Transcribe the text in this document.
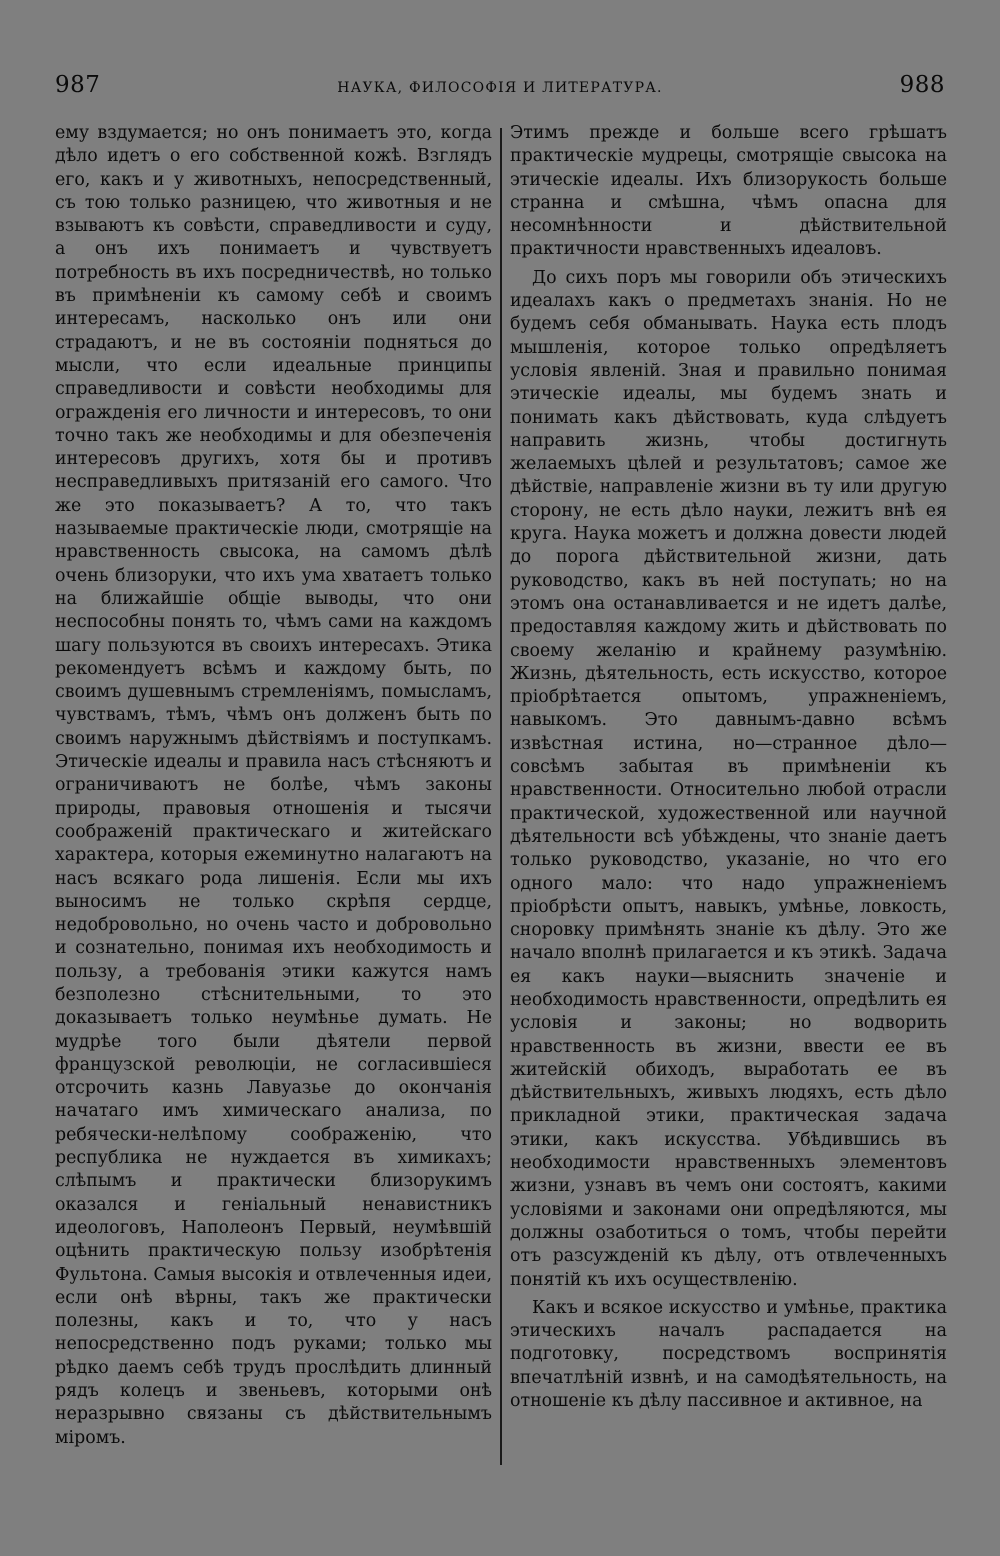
987	НАУКА, ФИЛОСОФІЯ И ЛИТЕРАТУРА.	988

ему вздумается; но онъ понимаетъ это, когда дѣло идетъ о его собственной кожѣ. Взглядъ его, какъ и у животныхъ, непосредственный, съ тою только разницею, что животныя и не взываютъ къ совѣсти, справедливости и суду, а онъ ихъ понимаетъ и чувствуетъ потребность въ ихъ посредничествѣ, но только въ примѣненіи къ самому себѣ и своимъ интересамъ, насколько онъ или они страдаютъ, и не въ состояніи подняться до мысли, что если идеальные принципы справедливости и совѣсти необходимы для огражденія его личности и интересовъ, то они точно такъ же необходимы и для обезпеченія интересовъ другихъ, хотя бы и противъ несправедливыхъ притязаній его самого. Что же это показываетъ? А то, что такъ называемые практическіе люди, смотрящіе на нравственность свысока, на самомъ дѣлѣ очень близоруки, что ихъ ума хватаетъ только на ближайшіе общіе выводы, что они неспособны понять то, чѣмъ сами на каждомъ шагу пользуются въ своихъ интересахъ. Этика рекомендуетъ всѣмъ и каждому быть, по своимъ душевнымъ стремленіямъ, помысламъ, чувствамъ, тѣмъ, чѣмъ онъ долженъ быть по своимъ наружнымъ дѣйствіямъ и поступкамъ. Этическіе идеалы и правила насъ стѣсняютъ и ограничиваютъ не болѣе, чѣмъ законы природы, правовыя отношенія и тысячи соображеній практическаго и житейскаго характера, которыя ежеминутно налагаютъ на насъ всякаго рода лишенія. Если мы ихъ выносимъ не только скрѣпя сердце, недобровольно, но очень часто и добровольно и сознательно, понимая ихъ необходимость и пользу, а требованія этики кажутся намъ безполезно стѣснительными, то это доказываетъ только неумѣнье думать. Не мудрѣе того были дѣятели первой французской революціи, не согласившіеся отсрочить казнь Лавуазье до окончанія начатаго имъ химическаго анализа, по ребячески-нелѣпому соображенію, что республика не нуждается въ химикахъ; слѣпымъ и практически близорукимъ оказался и геніальный ненавистникъ идеологовъ, Наполеонъ Первый, неумѣвшій оцѣнить практическую пользу изобрѣтенія Фультона. Самыя высокія и отвлеченныя идеи, если онѣ вѣрны, такъ же практически полезны, какъ и то, что у насъ непосредственно подъ руками; только мы рѣдко даемъ себѣ трудъ прослѣдить длинный рядъ колецъ и звеньевъ, которыми онѣ неразрывно связаны съ дѣйствительнымъ міромъ.

Этимъ прежде и больше всего грѣшатъ практическіе мудрецы, смотрящіе свысока на этическіе идеалы. Ихъ близорукость больше странна и смѣшна, чѣмъ опасна для несомнѣнности и дѣйствительной практичности нравственныхъ идеаловъ.

До сихъ поръ мы говорили объ этическихъ идеалахъ какъ о предметахъ знанія. Но не будемъ себя обманывать. Наука есть плодъ мышленія, которое только опредѣляетъ условія явленій. Зная и правильно понимая этическіе идеалы, мы будемъ знать и понимать какъ дѣйствовать, куда слѣдуетъ направить жизнь, чтобы достигнуть желаемыхъ цѣлей и результатовъ; самое же дѣйствіе, направленіе жизни въ ту или другую сторону, не есть дѣло науки, лежитъ внѣ ея круга. Наука можетъ и должна довести людей до порога дѣйствительной жизни, дать руководство, какъ въ ней поступать; но на этомъ она останавливается и не идетъ далѣе, предоставляя каждому жить и дѣйствовать по своему желанію и крайнему разумѣнію. Жизнь, дѣятельность, есть искусство, которое пріобрѣтается опытомъ, упражненіемъ, навыкомъ. Это давнымъ-давно всѣмъ извѣстная истина, но—странное дѣло—совсѣмъ забытая въ примѣненіи къ нравственности. Относительно любой отрасли практической, художественной или научной дѣятельности всѣ убѣждены, что знаніе даетъ только руководство, указаніе, но что его одного мало: что надо упражненіемъ пріобрѣсти опытъ, навыкъ, умѣнье, ловкость, сноровку примѣнять знаніе къ дѣлу. Это же начало вполнѣ прилагается и къ этикѣ. Задача ея какъ науки—выяснить значеніе и необходимость нравственности, опредѣлить ея условія и законы; но водворить нравственность въ жизни, ввести ее въ житейскій обиходъ, выработать ее въ дѣйствительныхъ, живыхъ людяхъ, есть дѣло прикладной этики, практическая задача этики, какъ искусства. Убѣдившись въ необходимости нравственныхъ элементовъ жизни, узнавъ въ чемъ они состоятъ, какими условіями и законами они опредѣляются, мы должны озаботиться о томъ, чтобы перейти отъ разсужденій къ дѣлу, отъ отвлеченныхъ понятій къ ихъ осуществленію.

Какъ и всякое искусство и умѣнье, практика этическихъ началъ распадается на подготовку, посредствомъ воспринятія впечатлѣній извнѣ, и на самодѣятельность, на отношеніе къ дѣлу пассивное и активное, на
